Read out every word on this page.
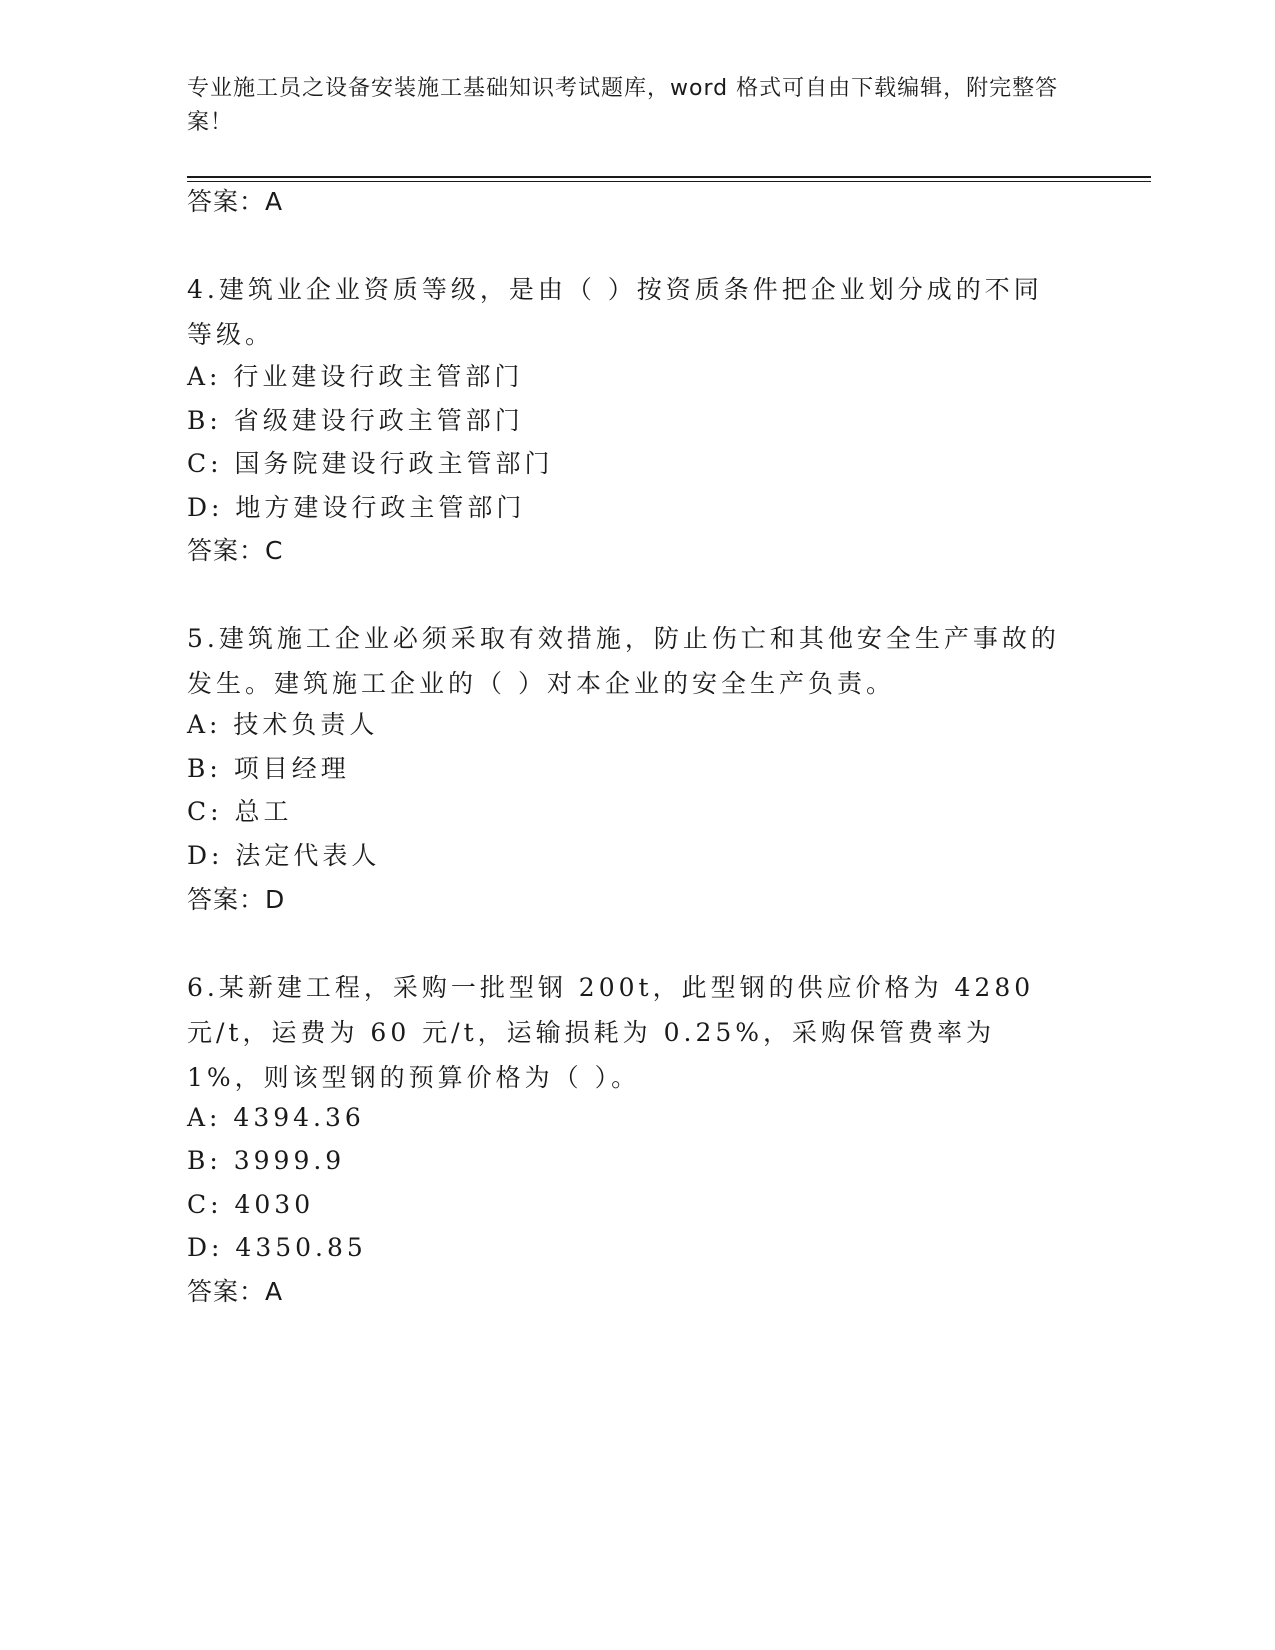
专业施工员之设备安装施工基础知识考试题库，word 格式可自由下载编辑，附完整答案！
答案：A
4.建筑业企业资质等级，是由（ ）按资质条件把企业划分成的不同等级。
A: 行业建设行政主管部门
B: 省级建设行政主管部门
C: 国务院建设行政主管部门
D: 地方建设行政主管部门
答案：C
5.建筑施工企业必须采取有效措施，防止伤亡和其他安全生产事故的发生。建筑施工企业的（ ）对本企业的安全生产负责。
A: 技术负责人
B: 项目经理
C: 总工
D: 法定代表人
答案：D
6.某新建工程，采购一批型钢 200t，此型钢的供应价格为 4280 元/t，运费为 60 元/t，运输损耗为 0.25%，采购保管费率为 1%，则该型钢的预算价格为（ ）。
A: 4394.36
B: 3999.9
C: 4030
D: 4350.85
答案：A
